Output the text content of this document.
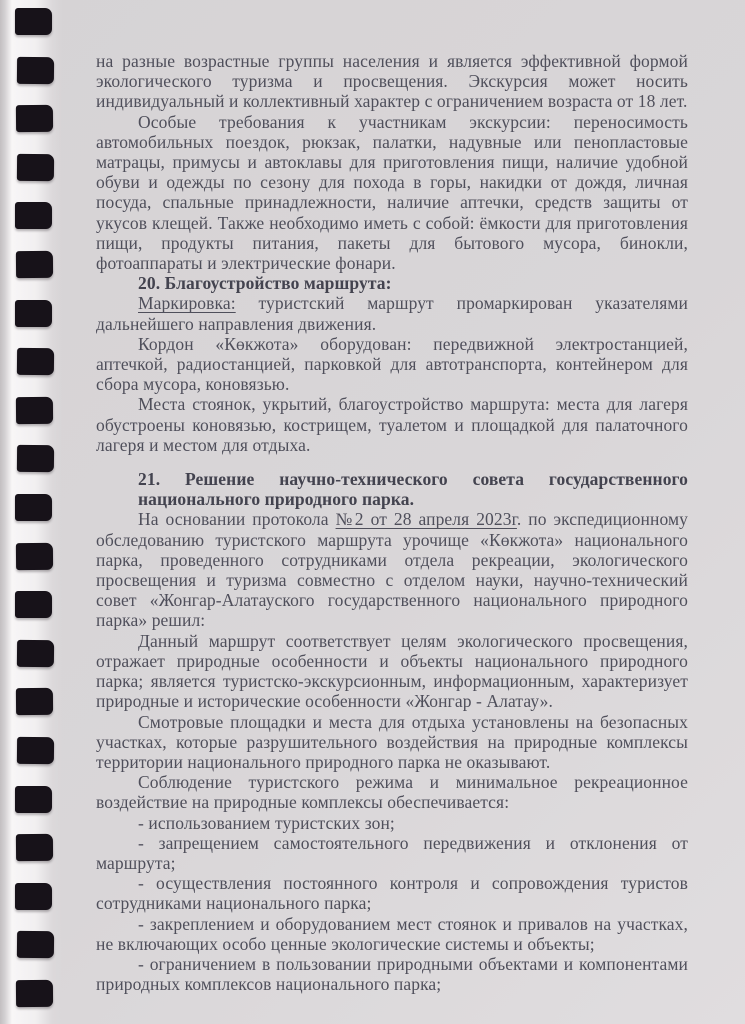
на разные возрастные группы населения и является эффективной формой экологического туризма и просвещения. Экскурсия может носить индивидуальный и коллективный характер с ограничением возраста от 18 лет.

Особые требования к участникам экскурсии: переносимость автомобильных поездок, рюкзак, палатки, надувные или пенопластовые матрацы, примусы и автоклавы для приготовления пищи, наличие удобной обуви и одежды по сезону для похода в горы, накидки от дождя, личная посуда, спальные принадлежности, наличие аптечки, средств защиты от укусов клещей. Также необходимо иметь с собой: ёмкости для приготовления пищи, продукты питания, пакеты для бытового мусора, бинокли, фотоаппараты и электрические фонари.

20. Благоустройство маршрута:

Маркировка: туристский маршрут промаркирован указателями дальнейшего направления движения.

Кордон «Көкжота» оборудован: передвижной электростанцией, аптечкой, радиостанцией, парковкой для автотранспорта, контейнером для сбора мусора, коновязью.

Места стоянок, укрытий, благоустройство маршрута: места для лагеря обустроены коновязью, кострищем, туалетом и площадкой для палаточного лагеря и местом для отдыха.

21. Решение научно-технического совета государственного национального природного парка.

На основании протокола №2 от 28 апреля 2023г. по экспедиционному обследованию туристского маршрута урочище «Көкжота» национального парка, проведенного сотрудниками отдела рекреации, экологического просвещения и туризма совместно с отделом науки, научно-технический совет «Жонгар-Алатауского государственного национального природного парка» решил:

Данный маршрут соответствует целям экологического просвещения, отражает природные особенности и объекты национального природного парка; является туристско-экскурсионным, информационным, характеризует природные и исторические особенности «Жонгар - Алатау».

Смотровые площадки и места для отдыха установлены на безопасных участках, которые разрушительного воздействия на природные комплексы территории национального природного парка не оказывают.

Соблюдение туристского режима и минимальное рекреационное воздействие на природные комплексы обеспечивается:

- использованием туристских зон;

- запрещением самостоятельного передвижения и отклонения от маршрута;

- осуществления постоянного контроля и сопровождения туристов сотрудниками национального парка;

- закреплением и оборудованием мест стоянок и привалов на участках, не включающих особо ценные экологические системы и объекты;

- ограничением в пользовании природными объектами и компонентами природных комплексов национального парка;
